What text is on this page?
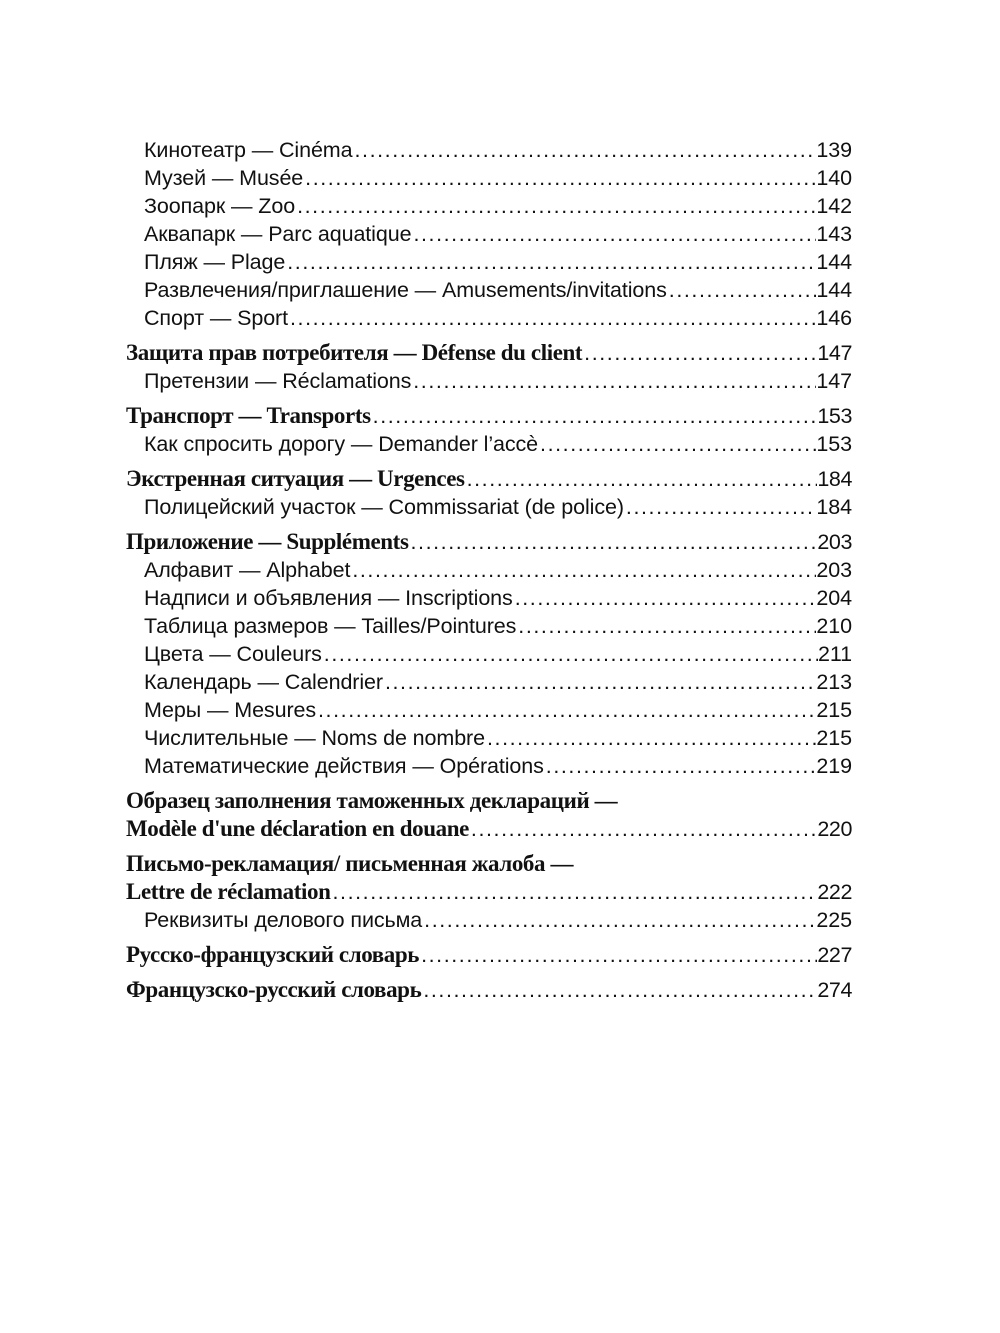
Кинотеатр — Cinéma . . .	139
Музей — Musée . . .	140
Зоопарк — Zoo . . .	142
Аквапарк — Parc aquatique . . .	143
Пляж — Plage . . .	144
Развлечения/приглашение — Amusements/invitations . . .	144
Спорт — Sport . . .	146
Защита прав потребителя — Défense du client . . .	147
Претензии — Réclamations . . .	147
Транспорт — Transports . . .	153
Как спросить дорогу — Demander l’accè . . .	153
Экстренная ситуация — Urgences . . .	184
Полицейский участок — Commissariat (de police) . . .	184
Приложение — Suppléments . . .	203
Алфавит — Alphabet . . .	203
Надписи и объявления — Inscriptions . . .	204
Таблица размеров — Tailles/Pointures . . .	210
Цвета — Couleurs . . .	211
Календарь — Calendrier . . .	213
Меры — Mesures . . .	215
Числительные — Noms de nombre . . .	215
Математические действия — Opérations . . .	219
Образец заполнения таможенных деклараций —
Modèle d'une déclaration en douane . . .	220
Письмо-рекламация/ письменная жалоба —
Lettre de réclamation . . .	222
Реквизиты делового письма . . .	225
Русско-французский словарь . . .	227
Французско-русский словарь . . .	274
